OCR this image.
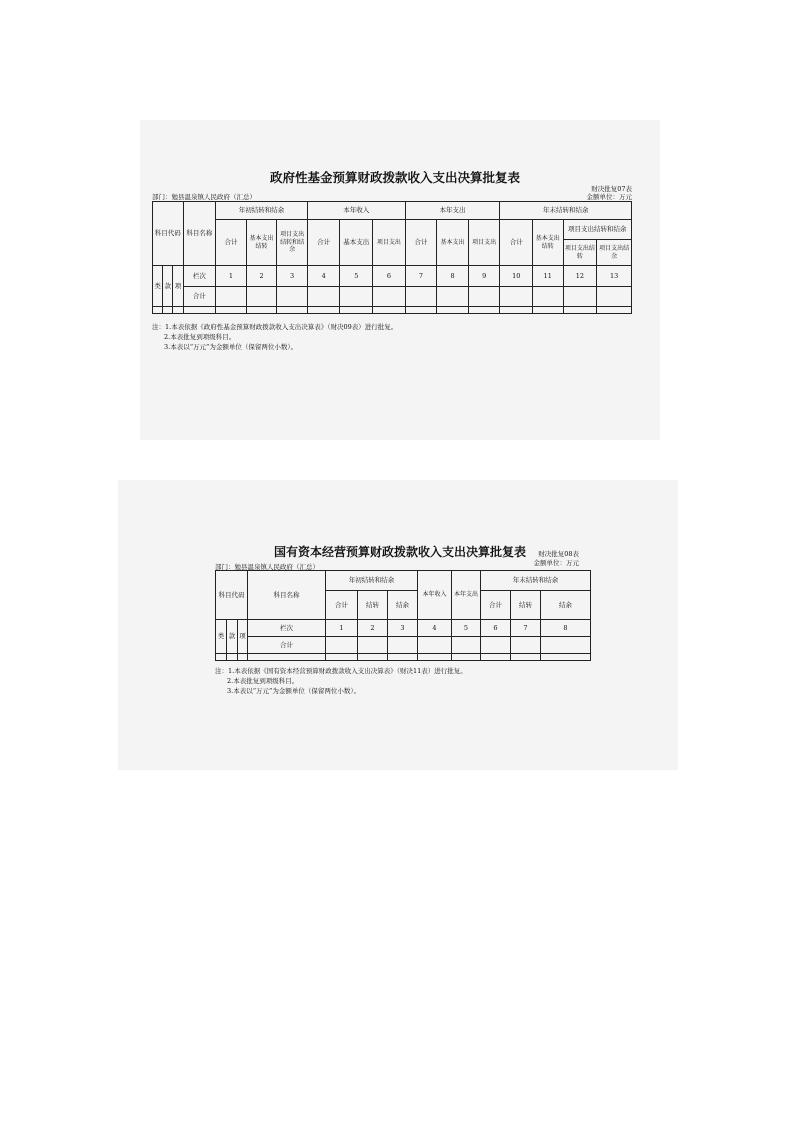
政府性基金预算财政拨款收入支出决算批复表
财决批复07表
金额单位：万元
部门：勉县温泉镇人民政府（汇总）
科目代码			科目名称	年初结转和结余			本年收入			本年支出			年末结转和结余			
				合计	基本支出结转	项目支出结转和结余	合计	基本支出	项目支出	合计	基本支出	项目支出	合计	基本支出结转	项目支出结转和结余	
															项目支出结转	项目支出结余
类	款	项	栏次	1	2	3	4	5	6	7	8	9	10	11	12	13
			合计													

注：1.本表依据《政府性基金预算财政拨款收入支出决算表》（财决09表）进行批复。
2.本表批复到项级科目。
3.本表以“万元”为金额单位（保留两位小数）。
国有资本经营预算财政拨款收入支出决算批复表	财决批复08表
金额单位：万元
部门：勉县温泉镇人民政府（汇总）
科目代码			科目名称	年初结转和结余			本年收入	本年支出	年末结转和结余		
				合计	结转	结余			合计	结转	结余
类	款	项	栏次	1	2	3	4	5	6	7	8
			合计								

注：1.本表依据《国有资本经营预算财政拨款收入支出决算表》（财决11表）进行批复。
2.本表批复到项级科目。
3.本表以“万元”为金额单位（保留两位小数）。
